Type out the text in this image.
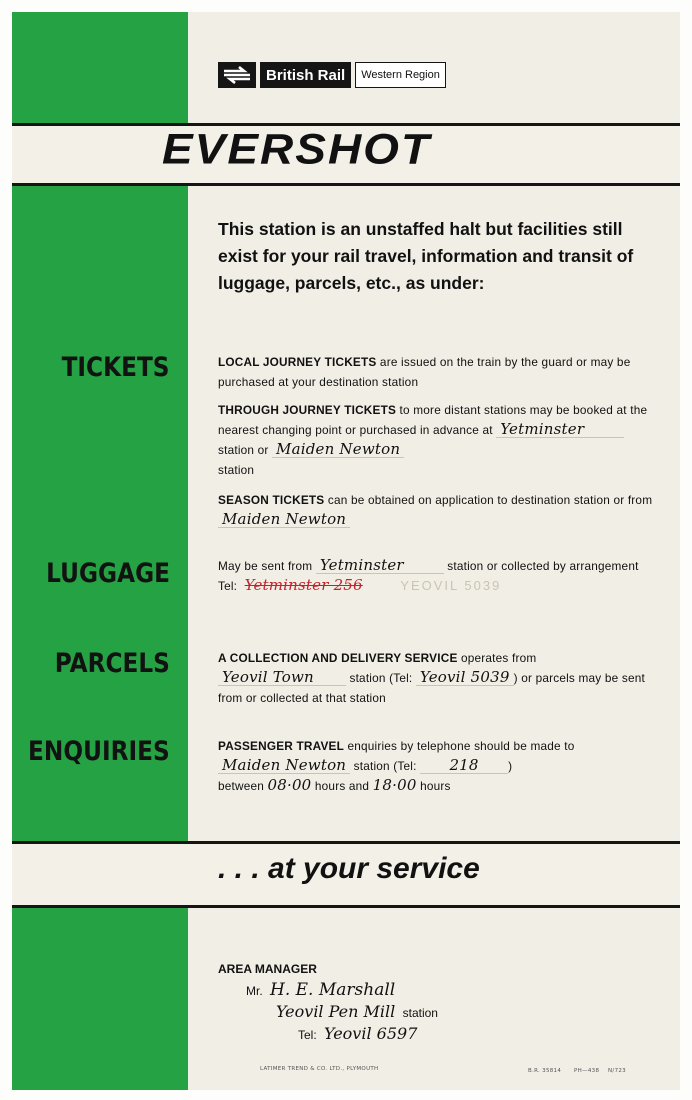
British Rail	Western Region
EVERSHOT
This station is an unstaffed halt but facilities still exist for your rail travel, information and transit of luggage, parcels, etc., as under:
TICKETS
LUGGAGE
PARCELS
ENQUIRIES
LOCAL JOURNEY TICKETS are issued on the train by the guard or may be purchased at your destination station
THROUGH JOURNEY TICKETS to more distant stations may be booked at the nearest changing point or purchased in advance at Yetminster station or Maiden Newton
station
SEASON TICKETS can be obtained on application to destination station or from Maiden Newton
May be sent from Yetminster	station or collected by arrangement
Tel: Yetminster 256	YEOVIL 5039
A COLLECTION AND DELIVERY SERVICE operates from
Yeovil Town	station (Tel: Yeovil 5039 ) or parcels may be sent from or collected at that station
PASSENGER TRAVEL enquiries by telephone should be made to Maiden Newton station (Tel: 218 )
between 08·00 hours and 18·00 hours
. . . at your service
AREA MANAGER
Mr. H. E. Marshall
Yeovil Pen Mill station
Tel: Yeovil 6597
LATIMER TREND & CO. LTD., PLYMOUTH	B.R. 35814 PH—438 N/723
